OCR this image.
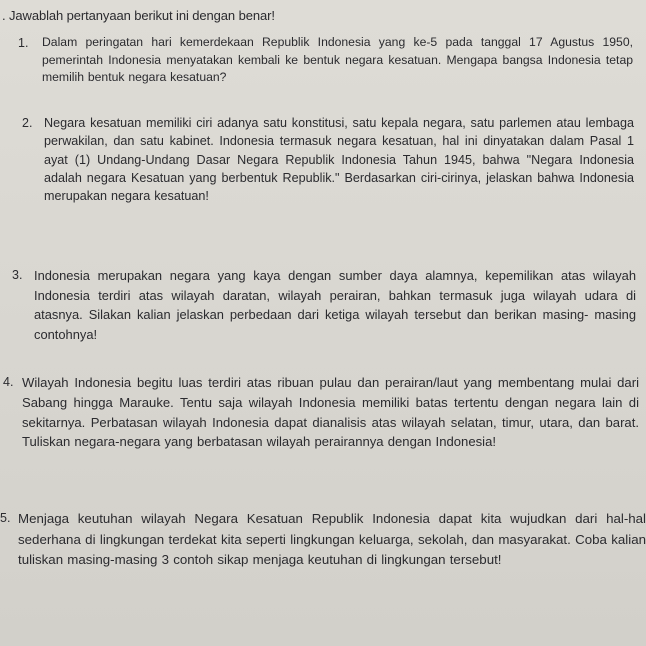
. Jawablah pertanyaan berikut ini dengan benar!
1.	Dalam peringatan hari kemerdekaan Republik Indonesia yang ke-5 pada tanggal 17 Agustus 1950, pemerintah Indonesia menyatakan kembali ke bentuk negara kesatuan. Mengapa bangsa Indonesia tetap memilih bentuk negara kesatuan?
2. Negara kesatuan memiliki ciri adanya satu konstitusi, satu kepala negara, satu parlemen atau lembaga perwakilan, dan satu kabinet. Indonesia termasuk negara kesatuan, hal ini dinyatakan dalam Pasal 1 ayat (1) Undang-Undang Dasar Negara Republik Indonesia Tahun 1945, bahwa "Negara Indonesia adalah negara Kesatuan yang berbentuk Republik." Berdasarkan ciri-cirinya, jelaskan bahwa Indonesia merupakan negara kesatuan!
3. Indonesia merupakan negara yang kaya dengan sumber daya alamnya, kepemilikan atas wilayah Indonesia terdiri atas wilayah daratan, wilayah perairan, bahkan termasuk juga wilayah udara di atasnya. Silakan kalian jelaskan perbedaan dari ketiga wilayah tersebut dan berikan masing- masing contohnya!
4. Wilayah Indonesia begitu luas terdiri atas ribuan pulau dan perairan/laut yang membentang mulai dari Sabang hingga Marauke. Tentu saja wilayah Indonesia memiliki batas tertentu dengan negara lain di sekitarnya. Perbatasan wilayah Indonesia dapat dianalisis atas wilayah selatan, timur, utara, dan barat. Tuliskan negara-negara yang berbatasan wilayah perairannya dengan Indonesia!
5. Menjaga keutuhan wilayah Negara Kesatuan Republik Indonesia dapat kita wujudkan dari hal-hal sederhana di lingkungan terdekat kita seperti lingkungan keluarga, sekolah, dan masyarakat. Coba kalian tuliskan masing-masing 3 contoh sikap menjaga keutuhan di lingkungan tersebut!
